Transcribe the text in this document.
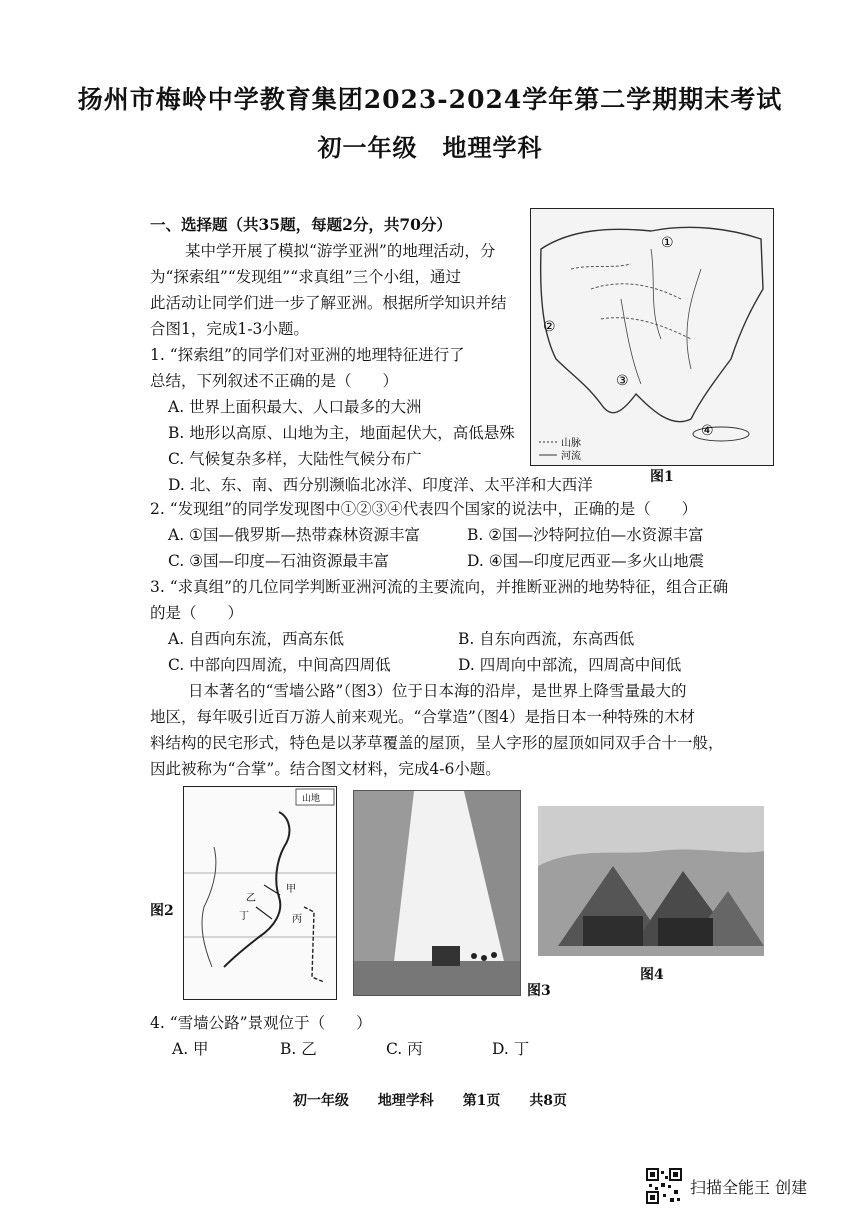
扬州市梅岭中学教育集团2023-2024学年第二学期期末考试
初一年级　地理学科
一、选择题（共35题，每题2分，共70分）
某中学开展了模拟“游学亚洲”的地理活动，分
为“探索组”“发现组”“求真组”三个小组，通过
此活动让同学们进一步了解亚洲。根据所学知识并结
合图1，完成1-3小题。
1. “探索组”的同学们对亚洲的地理特征进行了
总结，下列叙述不正确的是（　　）
A. 世界上面积最大、人口最多的大洲
B. 地形以高原、山地为主，地面起伏大，高低悬殊
C. 气候复杂多样，大陆性气候分布广
D. 北、东、南、西分别濒临北冰洋、印度洋、太平洋和大西洋
①
②
③
④
山脉
河流
图1
2. “发现组”的同学发现图中①②③④代表四个国家的说法中，正确的是（　　）
A. ①国—俄罗斯—热带森林资源丰富	B. ②国—沙特阿拉伯—水资源丰富
C. ③国—印度—石油资源最丰富	D. ④国—印度尼西亚—多火山地震
3. “求真组”的几位同学判断亚洲河流的主要流向，并推断亚洲的地势特征，组合正确
的是（　　）
A. 自西向东流，西高东低	B. 自东向西流，东高西低
C. 中部向四周流，中间高四周低	D. 四周向中部流，四周高中间低
日本著名的“雪墙公路”（图3）位于日本海的沿岸，是世界上降雪量最大的
地区，每年吸引近百万游人前来观光。“合掌造”（图4）是指日本一种特殊的木材
料结构的民宅形式，特色是以茅草覆盖的屋顶，呈人字形的屋顶如同双手合十一般，
因此被称为“合掌”。结合图文材料，完成4-6小题。
图2
山地
甲
乙
丙
丁
图3
图4
4. “雪墙公路”景观位于（　　）
A. 甲	B. 乙	C. 丙	D. 丁
初一年级 地理学科 第1页 共8页
扫描全能王 创建
